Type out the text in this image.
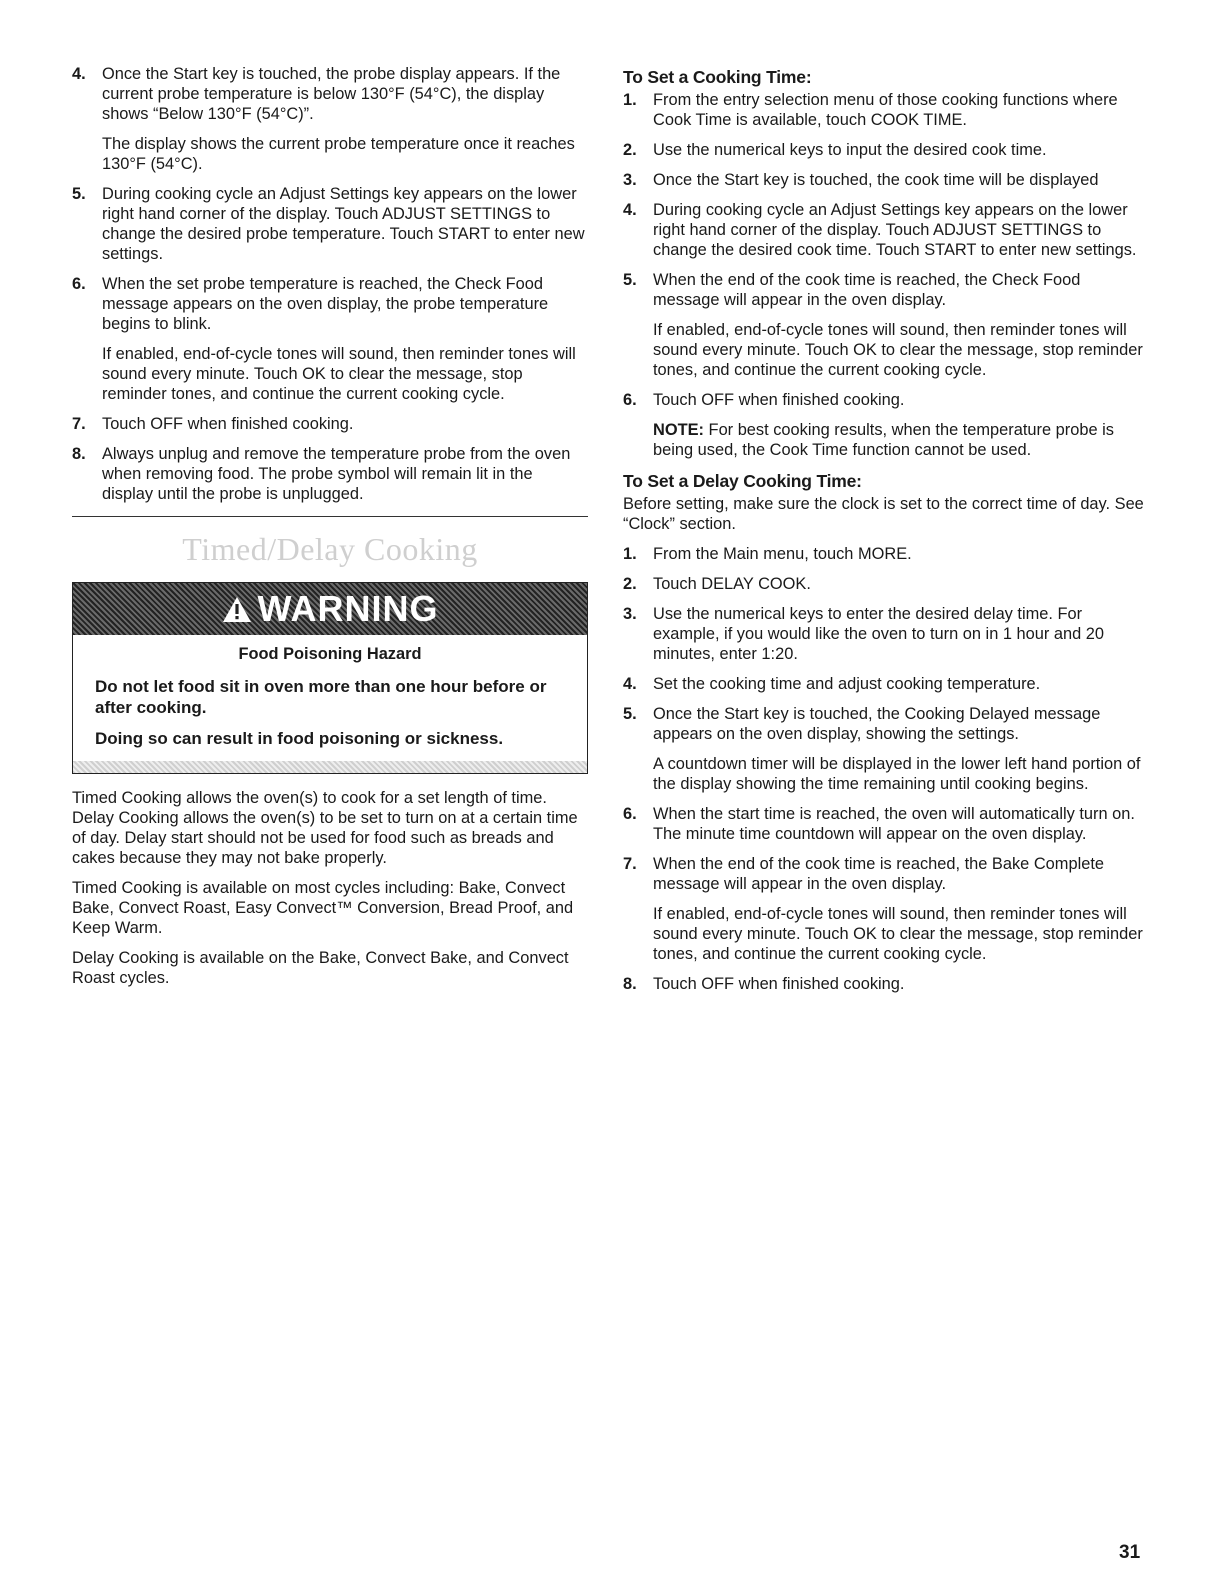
4. Once the Start key is touched, the probe display appears. If the current probe temperature is below 130°F (54°C), the display shows “Below 130°F (54°C)”.

The display shows the current probe temperature once it reaches 130°F (54°C).

5. During cooking cycle an Adjust Settings key appears on the lower right hand corner of the display. Touch ADJUST SETTINGS to change the desired probe temperature. Touch START to enter new settings.

6. When the set probe temperature is reached, the Check Food message appears on the oven display, the probe temperature begins to blink.

If enabled, end-of-cycle tones will sound, then reminder tones will sound every minute. Touch OK to clear the message, stop reminder tones, and continue the current cooking cycle.

7. Touch OFF when finished cooking.

8. Always unplug and remove the temperature probe from the oven when removing food. The probe symbol will remain lit in the display until the probe is unplugged.

Timed/Delay Cooking
WARNING

Food Poisoning Hazard

Do not let food sit in oven more than one hour before or after cooking.

Doing so can result in food poisoning or sickness.

Timed Cooking allows the oven(s) to cook for a set length of time. Delay Cooking allows the oven(s) to be set to turn on at a certain time of day. Delay start should not be used for food such as breads and cakes because they may not bake properly.

Timed Cooking is available on most cycles including: Bake, Convect Bake, Convect Roast, Easy Convect™ Conversion, Bread Proof, and Keep Warm.

Delay Cooking is available on the Bake, Convect Bake, and Convect Roast cycles.

To Set a Cooking Time:
1. From the entry selection menu of those cooking functions where Cook Time is available, touch COOK TIME.

2. Use the numerical keys to input the desired cook time.

3. Once the Start key is touched, the cook time will be displayed

4. During cooking cycle an Adjust Settings key appears on the lower right hand corner of the display. Touch ADJUST SETTINGS to change the desired cook time. Touch START to enter new settings.

5. When the end of the cook time is reached, the Check Food message will appear in the oven display.

If enabled, end-of-cycle tones will sound, then reminder tones will sound every minute. Touch OK to clear the message, stop reminder tones, and continue the current cooking cycle.

6. Touch OFF when finished cooking.

NOTE: For best cooking results, when the temperature probe is being used, the Cook Time function cannot be used.

To Set a Delay Cooking Time:

Before setting, make sure the clock is set to the correct time of day. See “Clock” section.

1. From the Main menu, touch MORE.

2. Touch DELAY COOK.

3. Use the numerical keys to enter the desired delay time. For example, if you would like the oven to turn on in 1 hour and 20 minutes, enter 1:20.

4. Set the cooking time and adjust cooking temperature.

5. Once the Start key is touched, the Cooking Delayed message appears on the oven display, showing the settings.

A countdown timer will be displayed in the lower left hand portion of the display showing the time remaining until cooking begins.

6. When the start time is reached, the oven will automatically turn on. The minute time countdown will appear on the oven display.

7. When the end of the cook time is reached, the Bake Complete message will appear in the oven display.

If enabled, end-of-cycle tones will sound, then reminder tones will sound every minute. Touch OK to clear the message, stop reminder tones, and continue the current cooking cycle.

8. Touch OFF when finished cooking.

31
